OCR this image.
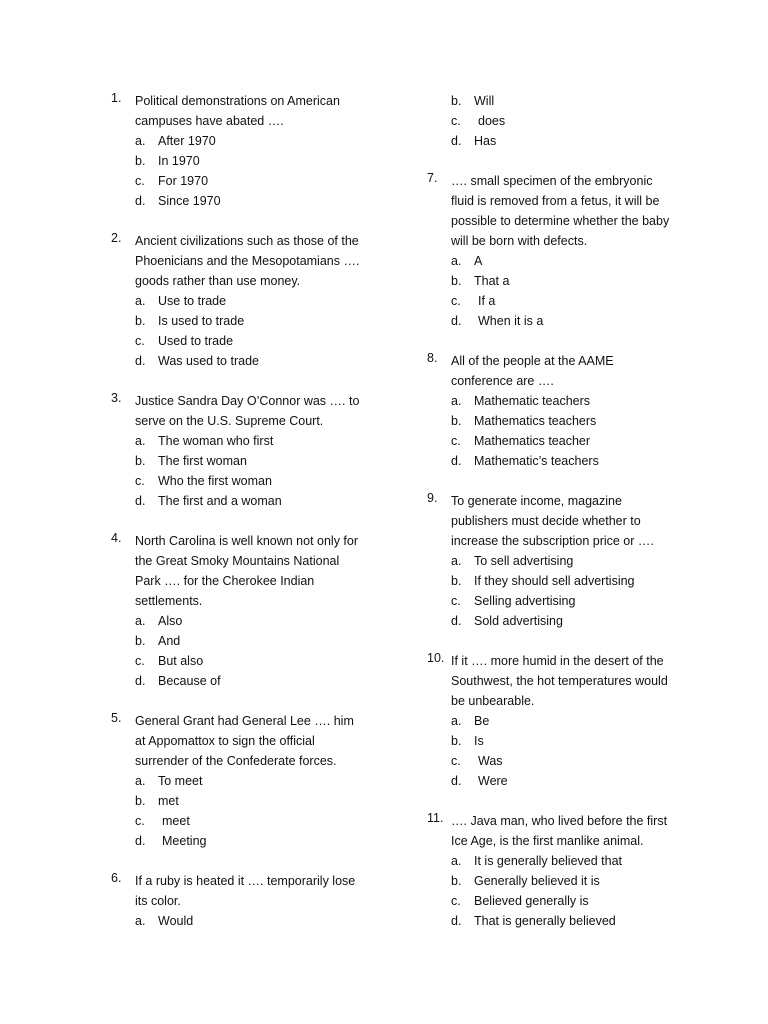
1.	Political demonstrations on American campuses have abated ….
a. After 1970
b. In 1970
c. For 1970
d. Since 1970
2.	Ancient civilizations such as those of the Phoenicians and the Mesopotamians …. goods rather than use money.
a. Use to trade
b. Is used to trade
c. Used to trade
d. Was used to trade
3.	Justice Sandra Day O’Connor was …. to serve on the U.S. Supreme Court.
a. The woman who first
b. The first woman
c. Who the first woman
d. The first and a woman
4.	North Carolina is well known not only for the Great Smoky Mountains National Park …. for the Cherokee Indian settlements.
a. Also
b. And
c. But also
d. Because of
5.	General Grant had General Lee …. him at Appomattox to sign the official surrender of the Confederate forces.
a. To meet
b. met
c. meet
d. Meeting
6.	If a ruby is heated it …. temporarily lose its color.
a. Would
b. Will
c. does
d. Has
7.	…. small specimen of the embryonic fluid is removed from a fetus, it will be possible to determine whether the baby will be born with defects.
a. A
b. That a
c. If a
d. When it is a
8.	All of the people at the AAME conference are ….
a. Mathematic teachers
b. Mathematics teachers
c. Mathematics teacher
d. Mathematic’s teachers
9.	To generate income, magazine publishers must decide whether to increase the subscription price or ….
a. To sell advertising
b. If they should sell advertising
c. Selling advertising
d. Sold advertising
10. If it …. more humid in the desert of the Southwest, the hot temperatures would be unbearable.
a. Be
b. Is
c. Was
d. Were
11. …. Java man, who lived before the first Ice Age, is the first manlike animal.
a. It is generally believed that
b. Generally believed it is
c. Believed generally is
d. That is generally believed
